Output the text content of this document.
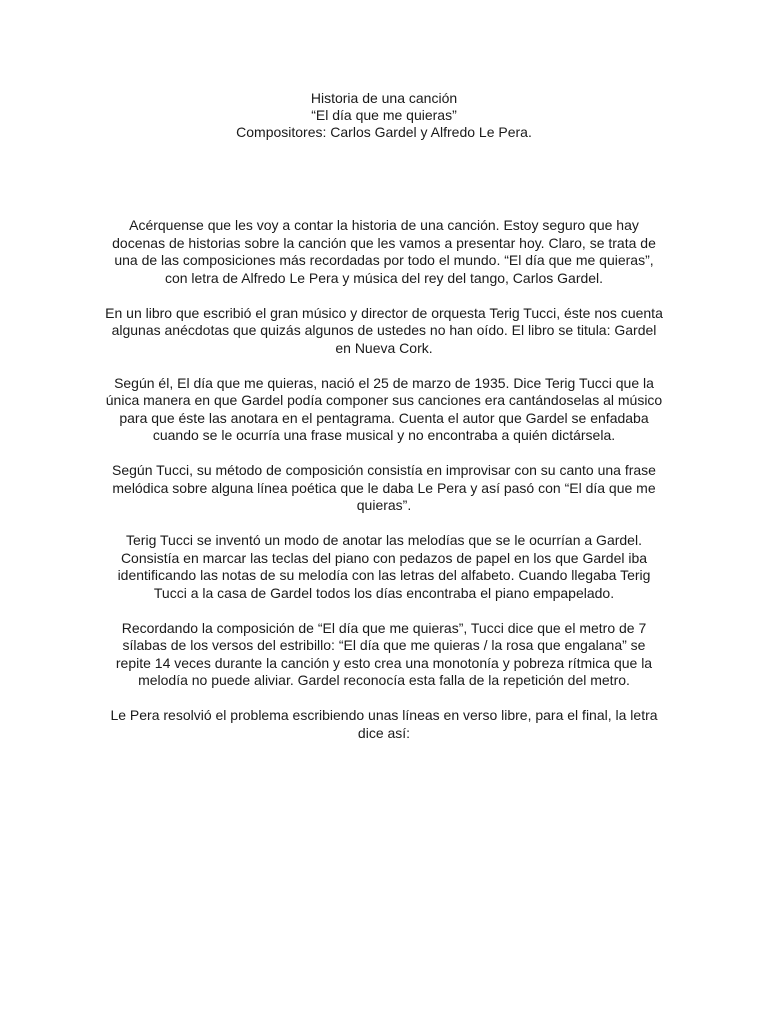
Historia de una canción

“El día que me quieras”

Compositores: Carlos Gardel y Alfredo Le Pera.

Acérquense que les voy a contar la historia de una canción. Estoy seguro que hay docenas de historias sobre la canción que les vamos a presentar hoy. Claro, se trata de una de las composiciones más recordadas por todo el mundo. “El día que me quieras”, con letra de Alfredo Le Pera y música del rey del tango, Carlos Gardel.

En un libro que escribió el gran músico y director de orquesta Terig Tucci, éste nos cuenta algunas anécdotas que quizás algunos de ustedes no han oído. El libro se titula: Gardel en Nueva Cork.

Según él, El día que me quieras, nació el 25 de marzo de 1935. Dice Terig Tucci que la única manera en que Gardel podía componer sus canciones era cantándoselas al músico para que éste las anotara en el pentagrama. Cuenta el autor que Gardel se enfadaba cuando se le ocurría una frase musical y no encontraba a quién dictársela.

Según Tucci, su método de composición consistía en improvisar con su canto una frase melódica sobre alguna línea poética que le daba Le Pera y así pasó con “El día que me quieras”.

Terig Tucci se inventó un modo de anotar las melodías que se le ocurrían a Gardel. Consistía en marcar las teclas del piano con pedazos de papel en los que Gardel iba identificando las notas de su melodía con las letras del alfabeto. Cuando llegaba Terig Tucci a la casa de Gardel todos los días encontraba el piano empapelado.

Recordando la composición de “El día que me quieras”, Tucci dice que el metro de 7 sílabas de los versos del estribillo: “El día que me quieras / la rosa que engalana” se repite 14 veces durante la canción y esto crea una monotonía y pobreza rítmica que la melodía no puede aliviar. Gardel reconocía esta falla de la repetición del metro.

Le Pera resolvió el problema escribiendo unas líneas en verso libre, para el final, la letra dice así:
